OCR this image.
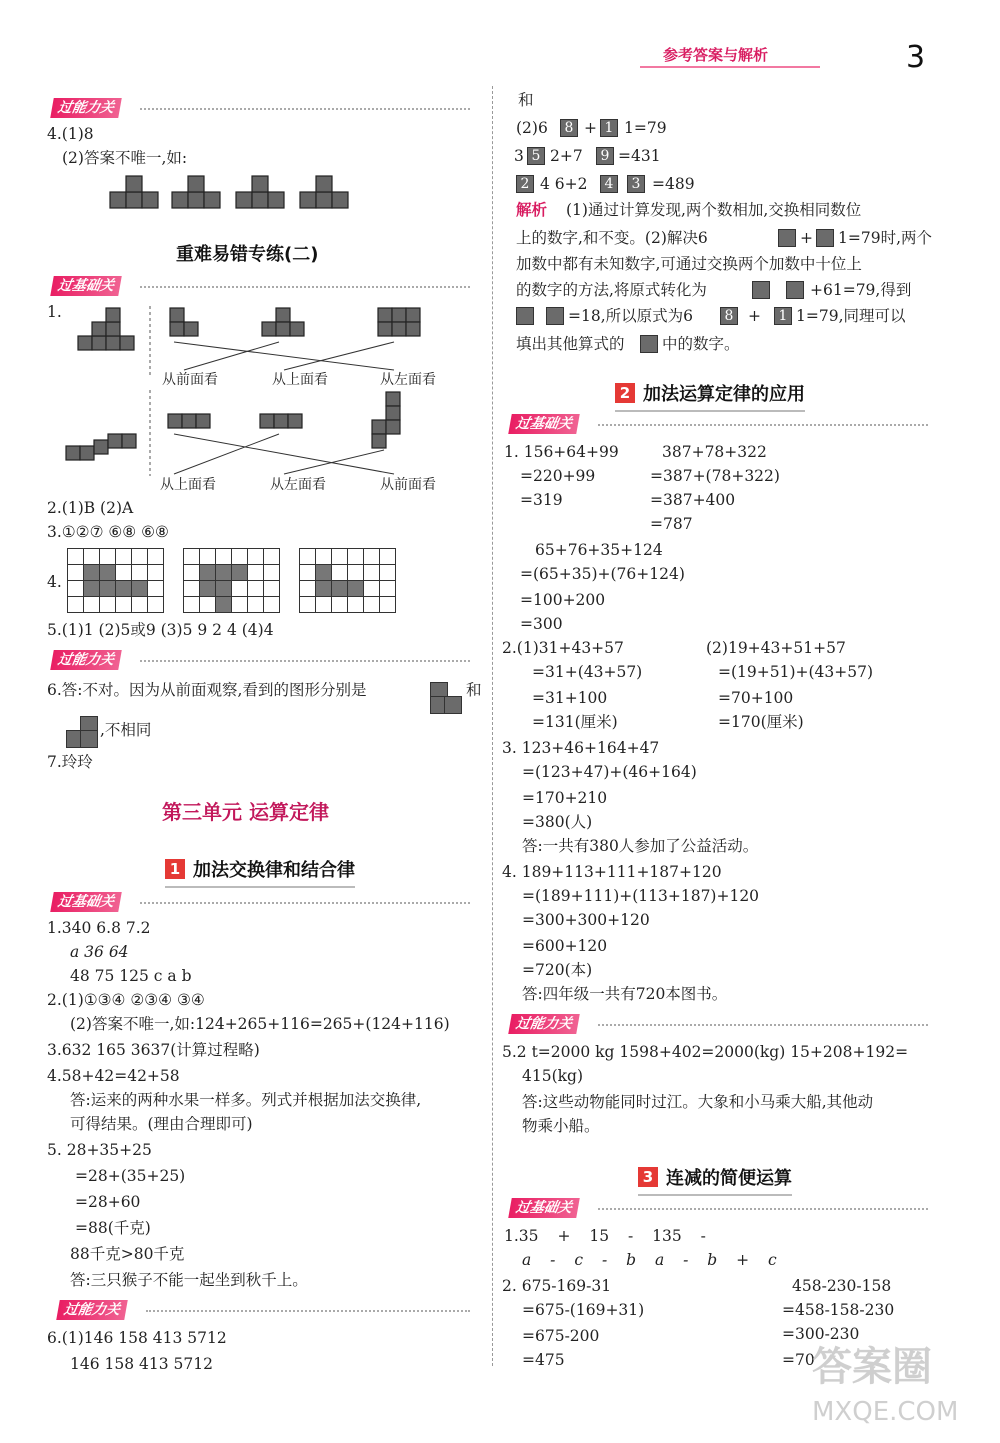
参考答案与解析	3
过能力关
4.(1)8
(2)答案不唯一,如:
重难易错专练(二)
过基础关
1.
从前面看	从上面看	从左面看
从上面看	从左面看	从前面看
2.(1)B (2)A
3.①②⑦ ⑥⑧ ⑥⑧
4.
5.(1)1 (2)5或9 (3)5 9 2 4 (4)4
过能力关
6.答:不对。因为从前面观察,看到的图形分别是	和
,不相同
7.玲玲
第三单元 运算定律
1 加法交换律和结合律
过基础关
1.340 6.8 7.2
a 36 64
48 75 125 c a b
2.(1)①③④ ②③④ ③④
(2)答案不唯一,如:124+265+116=265+(124+116)
3.632 165 3637(计算过程略)
4.58+42=42+58
答:运来的两种水果一样多。列式并根据加法交换律,
可得结果。(理由合理即可)
5. 28+35+25
=28+(35+25)
=28+60
=88(千克)
88千克>80千克
答:三只猴子不能一起坐到秋千上。
过能力关
6.(1)146 158 413 5712
146 158 413 5712
和
(2)6	8 + 1 1=79
3 5 2+7	9 =431
2 4 6+2	4	3 =489
解析 (1)通过计算发现,两个数相加,交换相同数位
上的数字,和不变。(2)解决6	+ 1=79时,两个
加数中都有未知数字,可通过交换两个加数中十位上
的数字的方法,将原式转化为	+61=79,得到
=18,所以原式为6	8 +	1 1=79,同理可以
填出其他算式的 中的数字。
2 加法运算定律的应用
过基础关
1. 156+64+99
=220+99
=319
387+78+322
=387+(78+322)
=387+400
=787
65+76+35+124
=(65+35)+(76+124)
=100+200
=300
2.(1)31+43+57
=31+(43+57)
=31+100
=131(厘米)
(2)19+43+51+57
=(19+51)+(43+57)
=70+100
=170(厘米)
3. 123+46+164+47
=(123+47)+(46+164)
=170+210
=380(人)
答:一共有380人参加了公益活动。
4. 189+113+111+187+120
=(189+111)+(113+187)+120
=300+300+120
=600+120
=720(本)
答:四年级一共有720本图书。
过能力关
5.2 t=2000 kg 1598+402=2000(kg) 15+208+192=
415(kg)
答:这些动物能同时过江。大象和小马乘大船,其他动
物乘小船。
3 连减的简便运算
过基础关
1.35 + 15 - 135 -
a - c - b a - b + c
2. 675-169-31
=675-(169+31)
=675-200
=475
458-230-158
=458-158-230
=300-230
=70
答案圈
MXQE.COM
